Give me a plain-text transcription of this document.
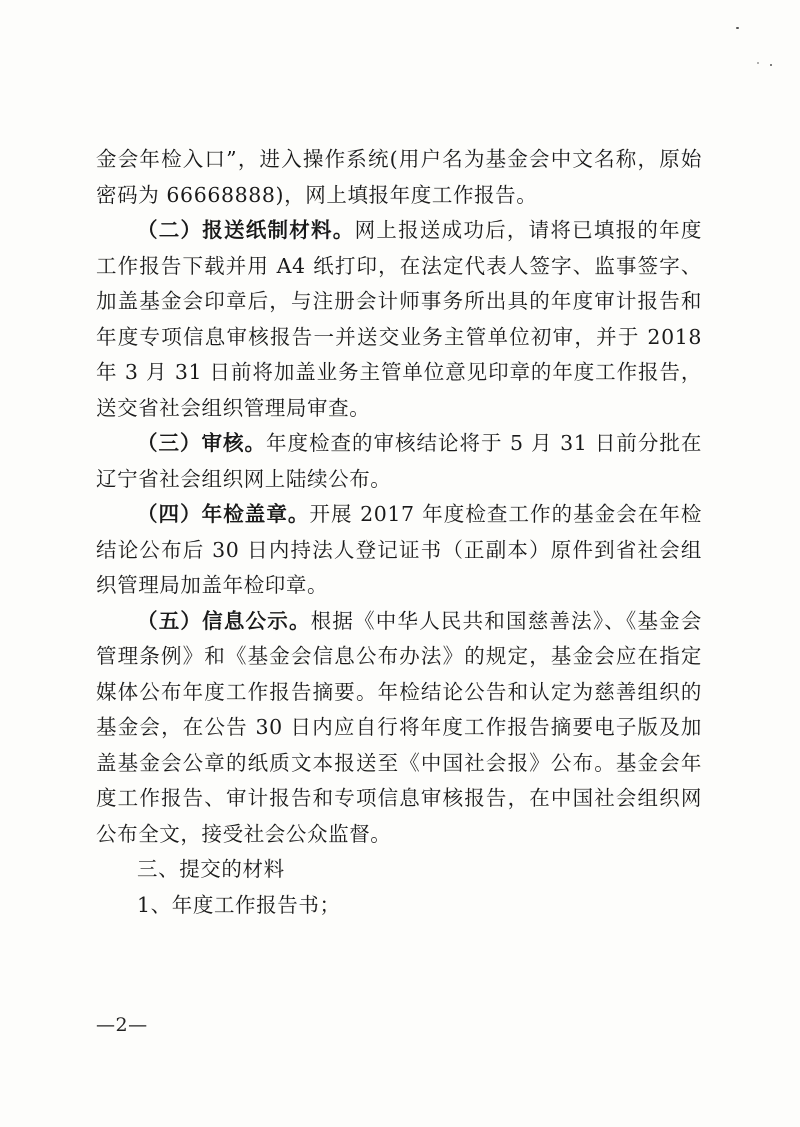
金会年检入口”，进入操作系统(用户名为基金会中文名称，原始密码为 66668888)，网上填报年度工作报告。

（二）报送纸制材料。网上报送成功后，请将已填报的年度工作报告下载并用 A4 纸打印，在法定代表人签字、监事签字、加盖基金会印章后，与注册会计师事务所出具的年度审计报告和年度专项信息审核报告一并送交业务主管单位初审，并于 2018 年 3 月 31 日前将加盖业务主管单位意见印章的年度工作报告，送交省社会组织管理局审查。

（三）审核。年度检查的审核结论将于 5 月 31 日前分批在辽宁省社会组织网上陆续公布。

（四）年检盖章。开展 2017 年度检查工作的基金会在年检结论公布后 30 日内持法人登记证书（正副本）原件到省社会组织管理局加盖年检印章。

（五）信息公示。根据《中华人民共和国慈善法》、《基金会管理条例》和《基金会信息公布办法》的规定，基金会应在指定媒体公布年度工作报告摘要。年检结论公告和认定为慈善组织的基金会，在公告 30 日内应自行将年度工作报告摘要电子版及加盖基金会公章的纸质文本报送至《中国社会报》公布。基金会年度工作报告、审计报告和专项信息审核报告，在中国社会组织网公布全文，接受社会公众监督。

三、提交的材料

1、年度工作报告书；

—2—
